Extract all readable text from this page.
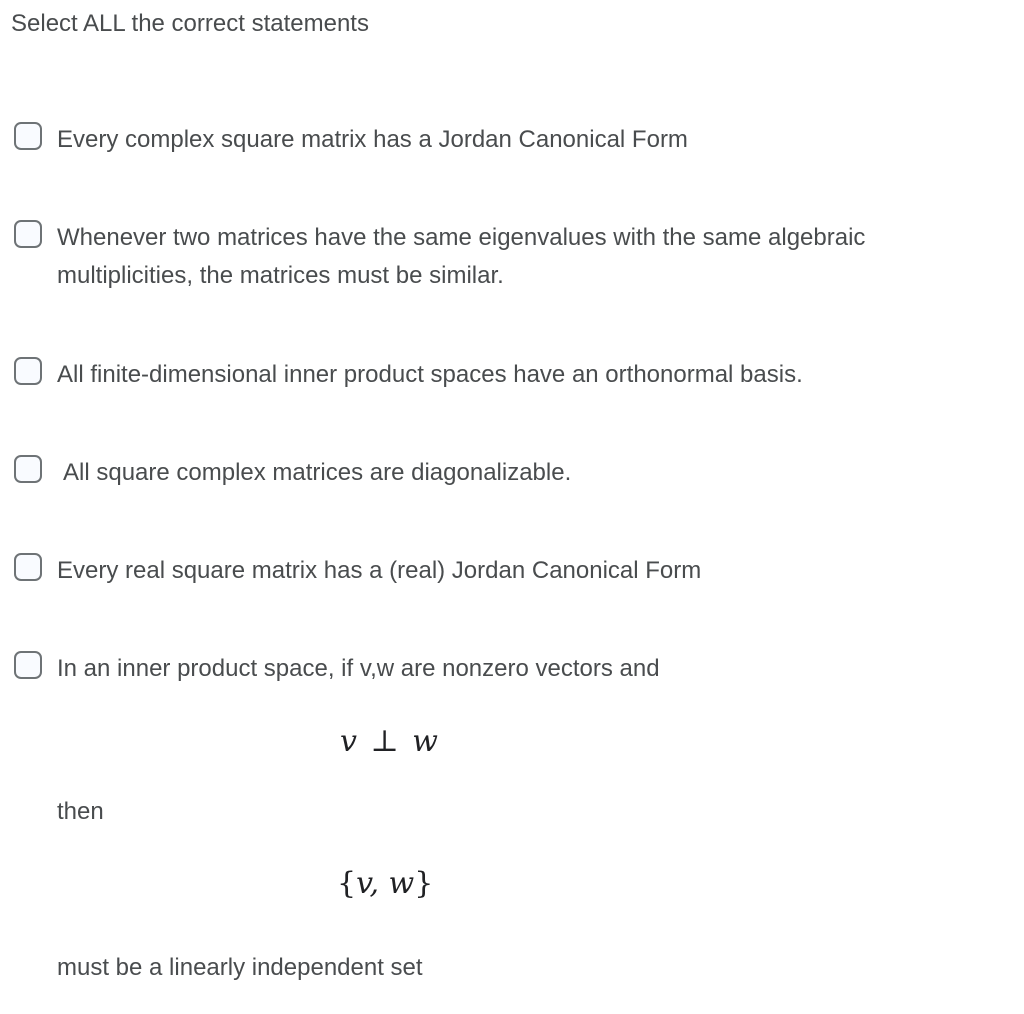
Select ALL the correct statements
Every complex square matrix has a Jordan Canonical Form
Whenever two matrices have the same eigenvalues with the same algebraic multiplicities, the matrices must be similar.
All finite-dimensional inner product spaces have an orthonormal basis.
All square complex matrices are diagonalizable.
Every real square matrix has a (real) Jordan Canonical Form
In an inner product space, if v,w are nonzero vectors and
v ⊥ w
then
{v, w}
must be a linearly independent set
